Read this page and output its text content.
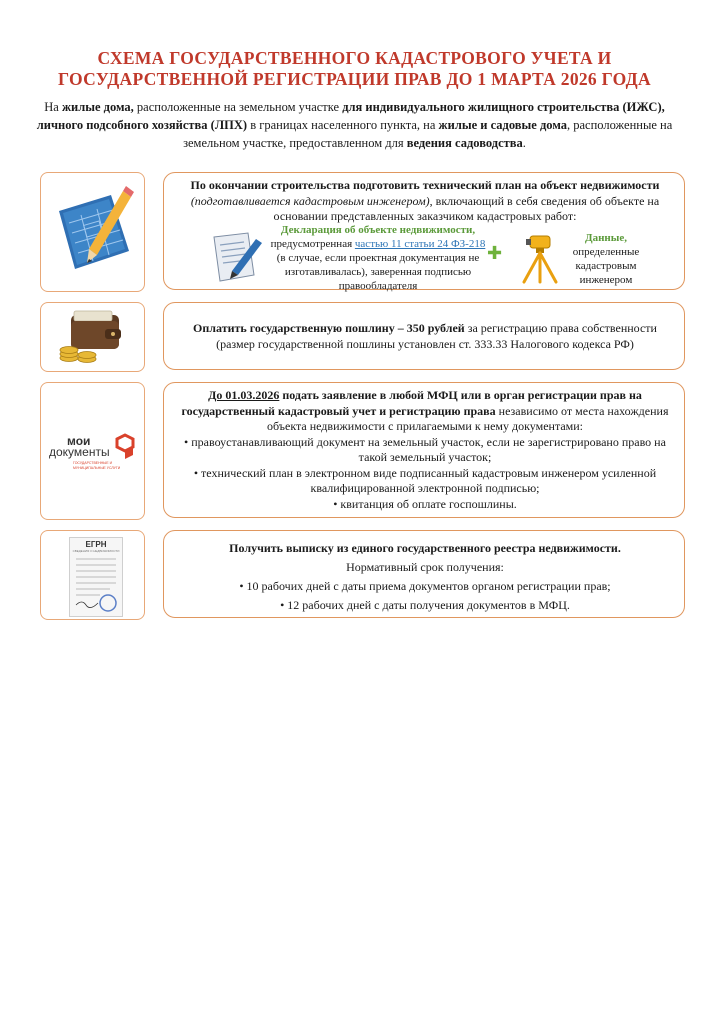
СХЕМА ГОСУДАРСТВЕННОГО КАДАСТРОВОГО УЧЕТА И
ГОСУДАРСТВЕННОЙ РЕГИСТРАЦИИ ПРАВ ДО 1 МАРТА 2026 ГОДА
На жилые дома, расположенные на земельном участке для индивидуального жилищного строительства (ИЖС), личного подсобного хозяйства (ЛПХ) в границах населенного пункта, на жилые и садовые дома, расположенные на земельном участке, предоставленном для ведения садоводства.
По окончании строительства подготовить технический план на объект недвижимости (подготавливается кадастровым инженером), включающий в себя сведения об объекте на основании представленных заказчиком кадастровых работ:
Декларация об объекте недвижимости,
предусмотренная частью 11 статьи 24 ФЗ-218 (в случае, если проектная документация не изготавливалась), заверенная подписью правообладателя
✚
Данные,
определенные кадастровым инженером
Оплатить государственную пошлину – 350 рублей за регистрацию права собственности (размер государственной пошлины установлен ст. 333.33 Налогового кодекса РФ)
мои
документы
ГОСУДАРСТВЕННЫЕ И МУНИЦИПАЛЬНЫЕ УСЛУГИ
До 01.03.2026 подать заявление в любой МФЦ или в орган регистрации прав на государственный кадастровый учет и регистрацию права независимо от места нахождения объекта недвижимости с прилагаемыми к нему документами:
• правоустанавливающий документ на земельный участок, если не зарегистрировано право на такой земельный участок;
• технический план в электронном виде подписанный кадастровым инженером усиленной квалифицированной электронной подписью;
• квитанция об оплате госпошлины.
ЕГРН
СВЕДЕНИЯ О НЕДВИЖИМОСТИ	Получить выписку из единого государственного реестра недвижимости.
Нормативный срок получения:
• 10 рабочих дней с даты приема документов органом регистрации прав;
• 12 рабочих дней с даты получения документов в МФЦ.
